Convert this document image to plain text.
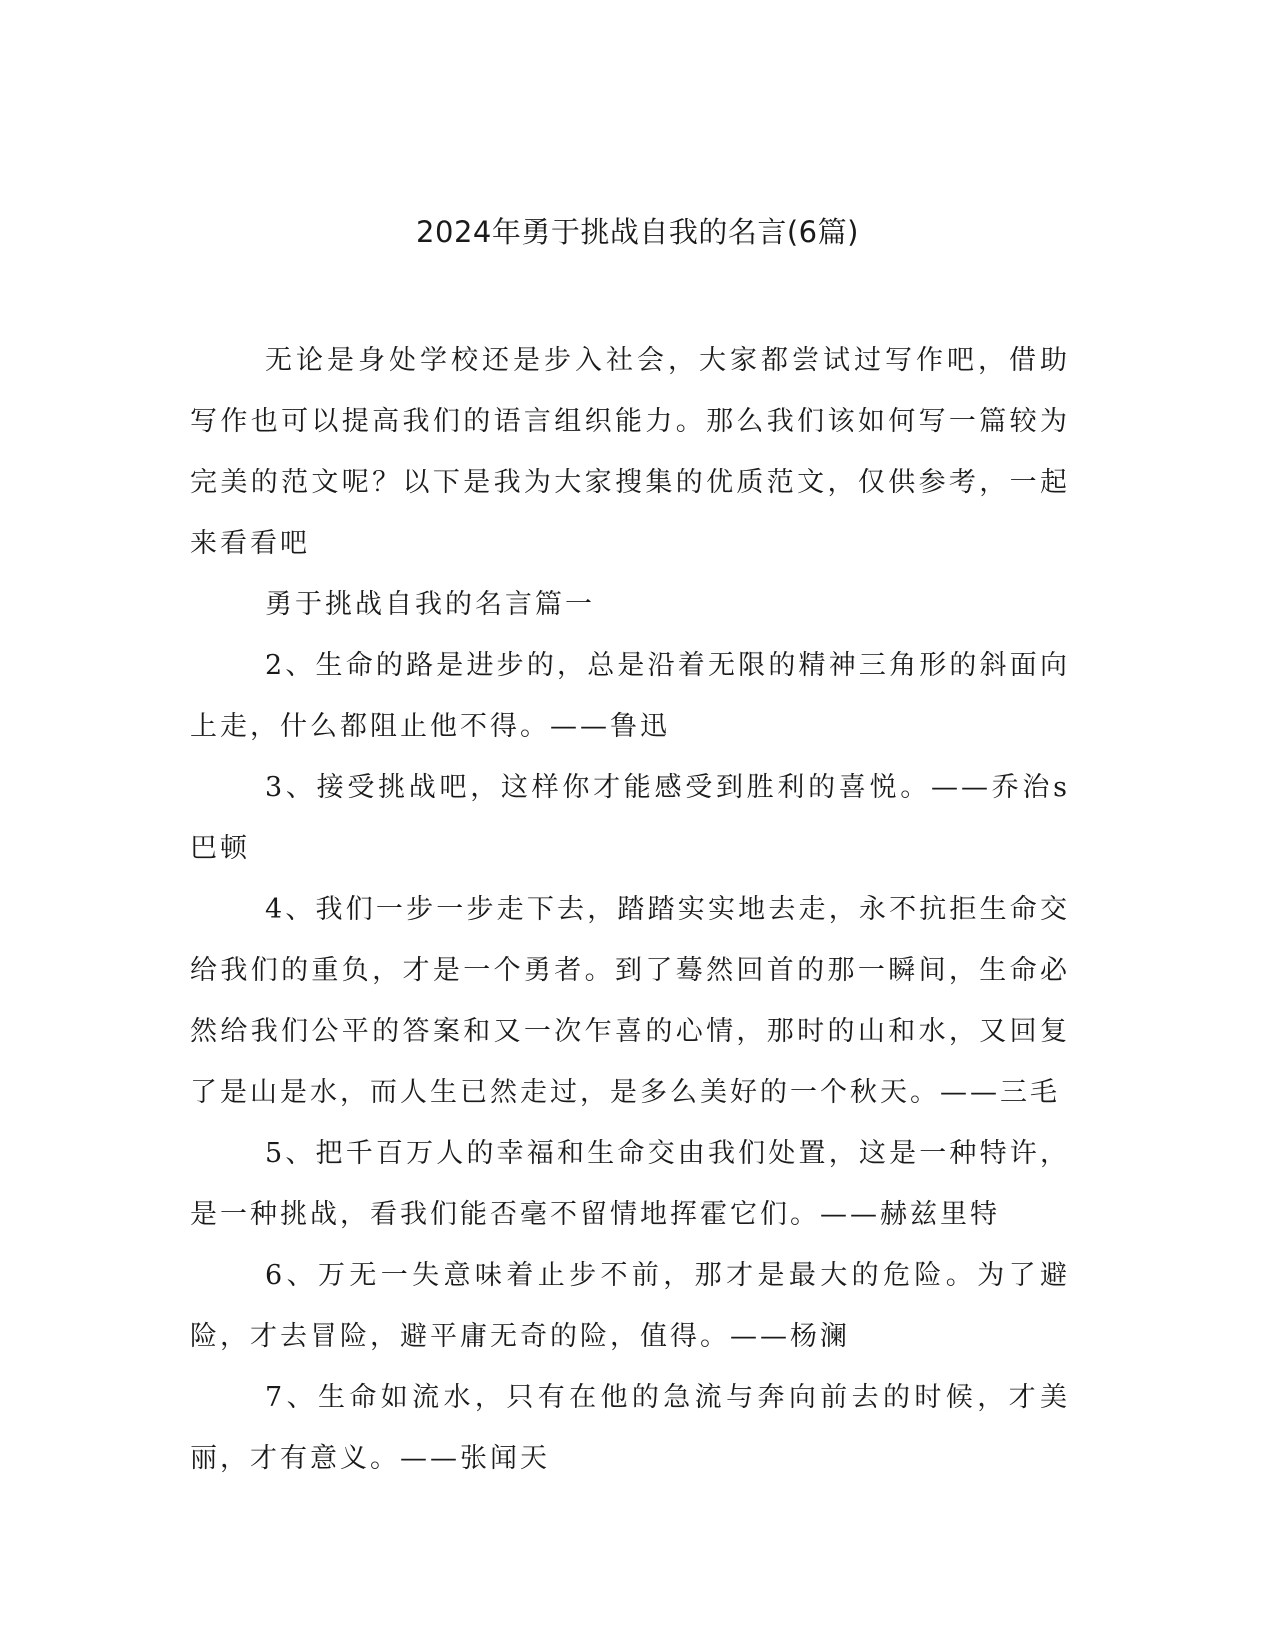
2024年勇于挑战自我的名言(6篇)

无论是身处学校还是步入社会，大家都尝试过写作吧，借助写作也可以提高我们的语言组织能力。那么我们该如何写一篇较为完美的范文呢？以下是我为大家搜集的优质范文，仅供参考，一起来看看吧

勇于挑战自我的名言篇一

2、生命的路是进步的，总是沿着无限的精神三角形的斜面向上走，什么都阻止他不得。——鲁迅

3、接受挑战吧，这样你才能感受到胜利的喜悦。——乔治s巴顿

4、我们一步一步走下去，踏踏实实地去走，永不抗拒生命交给我们的重负，才是一个勇者。到了蓦然回首的那一瞬间，生命必然给我们公平的答案和又一次乍喜的心情，那时的山和水，又回复了是山是水，而人生已然走过，是多么美好的一个秋天。——三毛

5、把千百万人的幸福和生命交由我们处置，这是一种特许，是一种挑战，看我们能否毫不留情地挥霍它们。——赫兹里特

6、万无一失意味着止步不前，那才是最大的危险。为了避险，才去冒险，避平庸无奇的险，值得。——杨澜

7、生命如流水，只有在他的急流与奔向前去的时候，才美丽，才有意义。——张闻天
